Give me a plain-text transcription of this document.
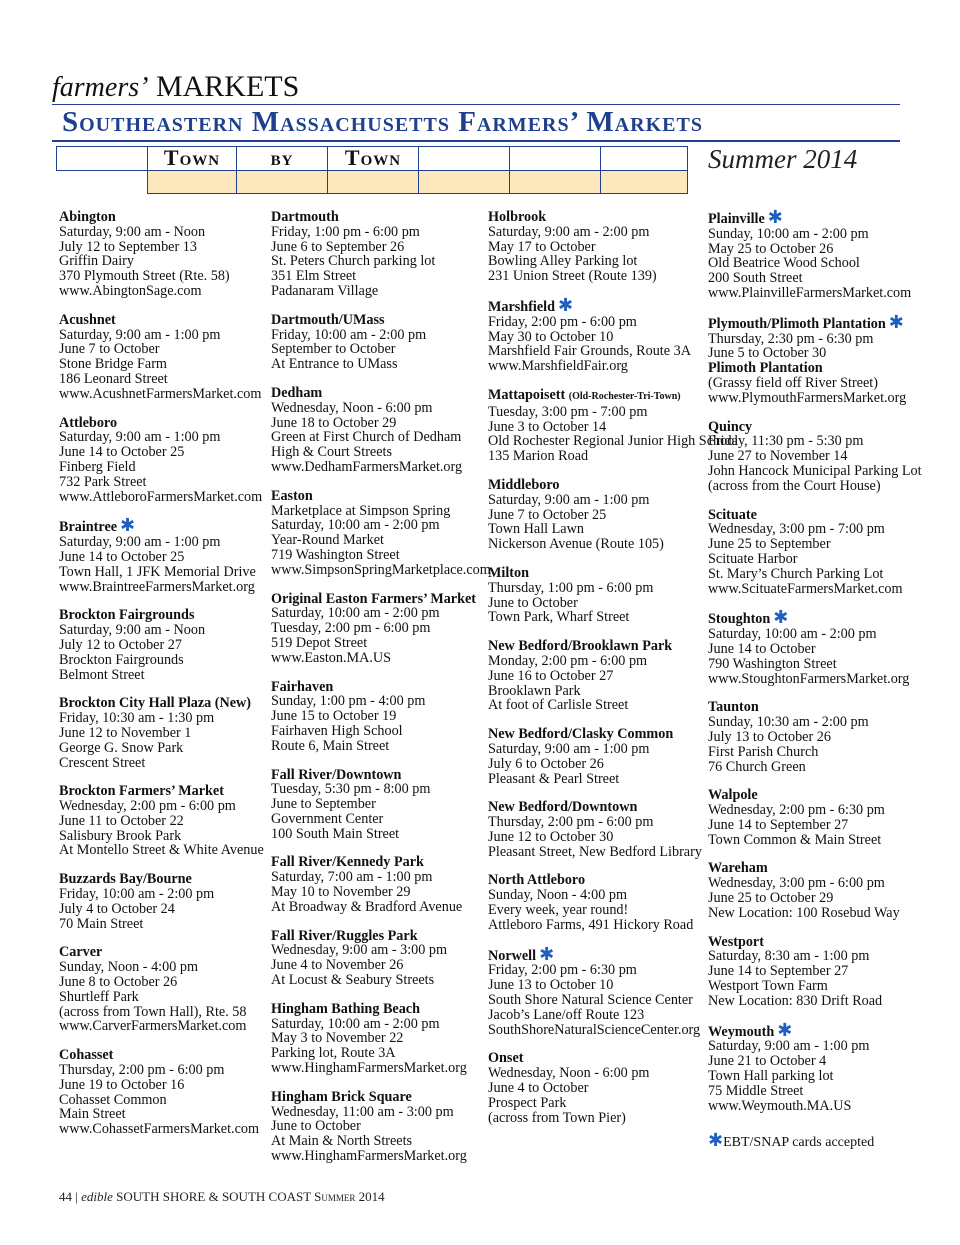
farmers’ MARKETS
Southeastern Massachusetts Farmers’ Markets
	Town	by	Town			
							Summer 2014
Abington
Saturday, 9:00 am - Noon
July 12 to September 13
Griffin Dairy
370 Plymouth Street (Rte. 58)
www.AbingtonSage.com
Acushnet
Saturday, 9:00 am - 1:00 pm
June 7 to October
Stone Bridge Farm
186 Leonard Street
www.AcushnetFarmersMarket.com
Attleboro
Saturday, 9:00 am - 1:00 pm
June 14 to October 25
Finberg Field
732 Park Street
www.AttleboroFarmersMarket.com
Braintree ✱
Saturday, 9:00 am - 1:00 pm
June 14 to October 25
Town Hall, 1 JFK Memorial Drive
www.BraintreeFarmersMarket.org
Brockton Fairgrounds
Saturday, 9:00 am - Noon
July 12 to October 27
Brockton Fairgrounds
Belmont Street
Brockton City Hall Plaza (New)
Friday, 10:30 am - 1:30 pm
June 12 to November 1
George G. Snow Park
Crescent Street
Brockton Farmers’ Market
Wednesday, 2:00 pm - 6:00 pm
June 11 to October 22
Salisbury Brook Park
At Montello Street & White Avenue
Buzzards Bay/Bourne
Friday, 10:00 am - 2:00 pm
July 4 to October 24
70 Main Street
Carver
Sunday, Noon - 4:00 pm
June 8 to October 26
Shurtleff Park
(across from Town Hall), Rte. 58
www.CarverFarmersMarket.com
Cohasset
Thursday, 2:00 pm - 6:00 pm
June 19 to October 16
Cohasset Common
Main Street
www.CohassetFarmersMarket.com
Dartmouth
Friday, 1:00 pm - 6:00 pm
June 6 to September 26
St. Peters Church parking lot
351 Elm Street
Padanaram Village
Dartmouth/UMass
Friday, 10:00 am - 2:00 pm
September to October
At Entrance to UMass
Dedham
Wednesday, Noon - 6:00 pm
June 18 to October 29
Green at First Church of Dedham
High & Court Streets
www.DedhamFarmersMarket.org
Easton
Marketplace at Simpson Spring
Saturday, 10:00 am - 2:00 pm
Year-Round Market
719 Washington Street
www.SimpsonSpringMarketplace.com
Original Easton Farmers’ Market
Saturday, 10:00 am - 2:00 pm
Tuesday, 2:00 pm - 6:00 pm
519 Depot Street
www.Easton.MA.US
Fairhaven
Sunday, 1:00 pm - 4:00 pm
June 15 to October 19
Fairhaven High School
Route 6, Main Street
Fall River/Downtown
Tuesday, 5:30 pm - 8:00 pm
June to September
Government Center
100 South Main Street
Fall River/Kennedy Park
Saturday, 7:00 am - 1:00 pm
May 10 to November 29
At Broadway & Bradford Avenue
Fall River/Ruggles Park
Wednesday, 9:00 am - 3:00 pm
June 4 to November 26
At Locust & Seabury Streets
Hingham Bathing Beach
Saturday, 10:00 am - 2:00 pm
May 3 to November 22
Parking lot, Route 3A
www.HinghamFarmersMarket.org
Hingham Brick Square
Wednesday, 11:00 am - 3:00 pm
June to October
At Main & North Streets
www.HinghamFarmersMarket.org
Holbrook
Saturday, 9:00 am - 2:00 pm
May 17 to October
Bowling Alley Parking lot
231 Union Street (Route 139)
Marshfield ✱
Friday, 2:00 pm - 6:00 pm
May 30 to October 10
Marshfield Fair Grounds, Route 3A
www.MarshfieldFair.org
Mattapoisett (Old-Rochester-Tri-Town)
Tuesday, 3:00 pm - 7:00 pm
June 3 to October 14
Old Rochester Regional Junior High School
135 Marion Road
Middleboro
Saturday, 9:00 am - 1:00 pm
June 7 to October 25
Town Hall Lawn
Nickerson Avenue (Route 105)
Milton
Thursday, 1:00 pm - 6:00 pm
June to October
Town Park, Wharf Street
New Bedford/Brooklawn Park
Monday, 2:00 pm - 6:00 pm
June 16 to October 27
Brooklawn Park
At foot of Carlisle Street
New Bedford/Clasky Common
Saturday, 9:00 am - 1:00 pm
July 6 to October 26
Pleasant & Pearl Street
New Bedford/Downtown
Thursday, 2:00 pm - 6:00 pm
June 12 to October 30
Pleasant Street, New Bedford Library
North Attleboro
Sunday, Noon - 4:00 pm
Every week, year round!
Attleboro Farms, 491 Hickory Road
Norwell ✱
Friday, 2:00 pm - 6:30 pm
June 13 to October 10
South Shore Natural Science Center
Jacob’s Lane/off Route 123
SouthShoreNaturalScienceCenter.org
Onset
Wednesday, Noon - 6:00 pm
June 4 to October
Prospect Park
(across from Town Pier)
Plainville ✱
Sunday, 10:00 am - 2:00 pm
May 25 to October 26
Old Beatrice Wood School
200 South Street
www.PlainvilleFarmersMarket.com
Plymouth/Plimoth Plantation ✱
Thursday, 2:30 pm - 6:30 pm
June 5 to October 30
Plimoth Plantation
(Grassy field off River Street)
www.PlymouthFarmersMarket.org
Quincy
Friday, 11:30 pm - 5:30 pm
June 27 to November 14
John Hancock Municipal Parking Lot
(across from the Court House)
Scituate
Wednesday, 3:00 pm - 7:00 pm
June 25 to September
Scituate Harbor
St. Mary’s Church Parking Lot
www.ScituateFarmersMarket.com
Stoughton ✱
Saturday, 10:00 am - 2:00 pm
June 14 to October
790 Washington Street
www.StoughtonFarmersMarket.org
Taunton
Sunday, 10:30 am - 2:00 pm
July 13 to October 26
First Parish Church
76 Church Green
Walpole
Wednesday, 2:00 pm - 6:30 pm
June 14 to September 27
Town Common & Main Street
Wareham
Wednesday, 3:00 pm - 6:00 pm
June 25 to October 29
New Location: 100 Rosebud Way
Westport
Saturday, 8:30 am - 1:00 pm
June 14 to September 27
Westport Town Farm
New Location: 830 Drift Road
Weymouth ✱
Saturday, 9:00 am - 1:00 pm
June 21 to October 4
Town Hall parking lot
75 Middle Street
www.Weymouth.MA.US
✱EBT/SNAP cards accepted
44 | edible SOUTH SHORE & SOUTH COAST Summer 2014
